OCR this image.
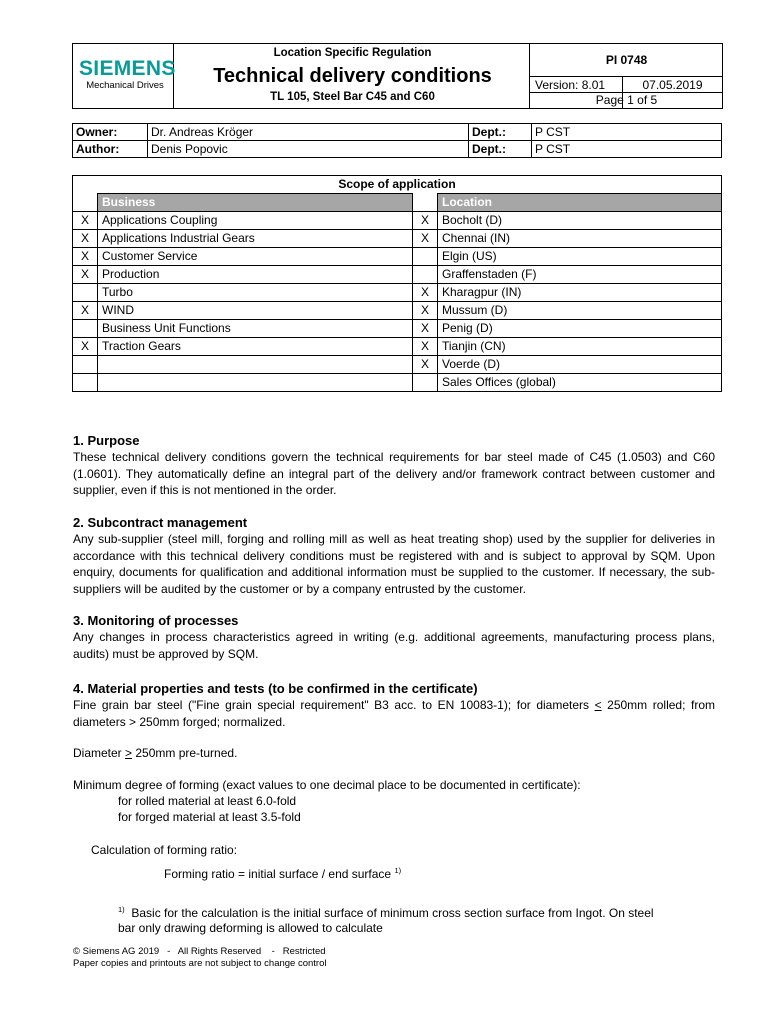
SIEMENS
Mechanical Drives
Location Specific Regulation
Technical delivery conditions
TL 105, Steel Bar C45 and C60
PI 0748
Version: 8.01	07.05.2019
Page 1 of 5
Owner:	Dr. Andreas Kröger	Dept.:	P CST
Author:	Denis Popovic	Dept.:	P CST
Scope of application			
	Business		Location
X	Applications Coupling	X	Bocholt (D)
X	Applications Industrial Gears	X	Chennai (IN)
X	Customer Service		Elgin (US)
X	Production		Graffenstaden (F)
	Turbo	X	Kharagpur (IN)
X	WIND	X	Mussum (D)
	Business Unit Functions	X	Penig (D)
X	Traction Gears	X	Tianjin (CN)
		X	Voerde (D)
			Sales Offices (global)
1. Purpose
These technical delivery conditions govern the technical requirements for bar steel made of C45 (1.0503) and C60 (1.0601). They automatically define an integral part of the delivery and/or framework contract between customer and supplier, even if this is not mentioned in the order.
2. Subcontract management
Any sub-supplier (steel mill, forging and rolling mill as well as heat treating shop) used by the supplier for deliveries in accordance with this technical delivery conditions must be registered with and is subject to approval by SQM. Upon enquiry, documents for qualification and additional information must be supplied to the customer. If necessary, the sub-suppliers will be audited by the customer or by a company entrusted by the customer.
3. Monitoring of processes
Any changes in process characteristics agreed in writing (e.g. additional agreements, manufacturing process plans, audits) must be approved by SQM.
4. Material properties and tests (to be confirmed in the certificate)
Fine grain bar steel ("Fine grain special requirement" B3 acc. to EN 10083-1); for diameters < 250mm rolled; from diameters > 250mm forged; normalized.
Diameter > 250mm pre-turned.
Minimum degree of forming (exact values to one decimal place to be documented in certificate):
for rolled material at least 6.0-fold
for forged material at least 3.5-fold
Calculation of forming ratio:
Forming ratio = initial surface / end surface $^{1)}$
$^{1)}$ Basic for the calculation is the initial surface of minimum cross section surface from Ingot. On steel
bar only drawing deforming is allowed to calculate
© Siemens AG 2019   -   All Rights Reserved    -   Restricted
Paper copies and printouts are not subject to change control
